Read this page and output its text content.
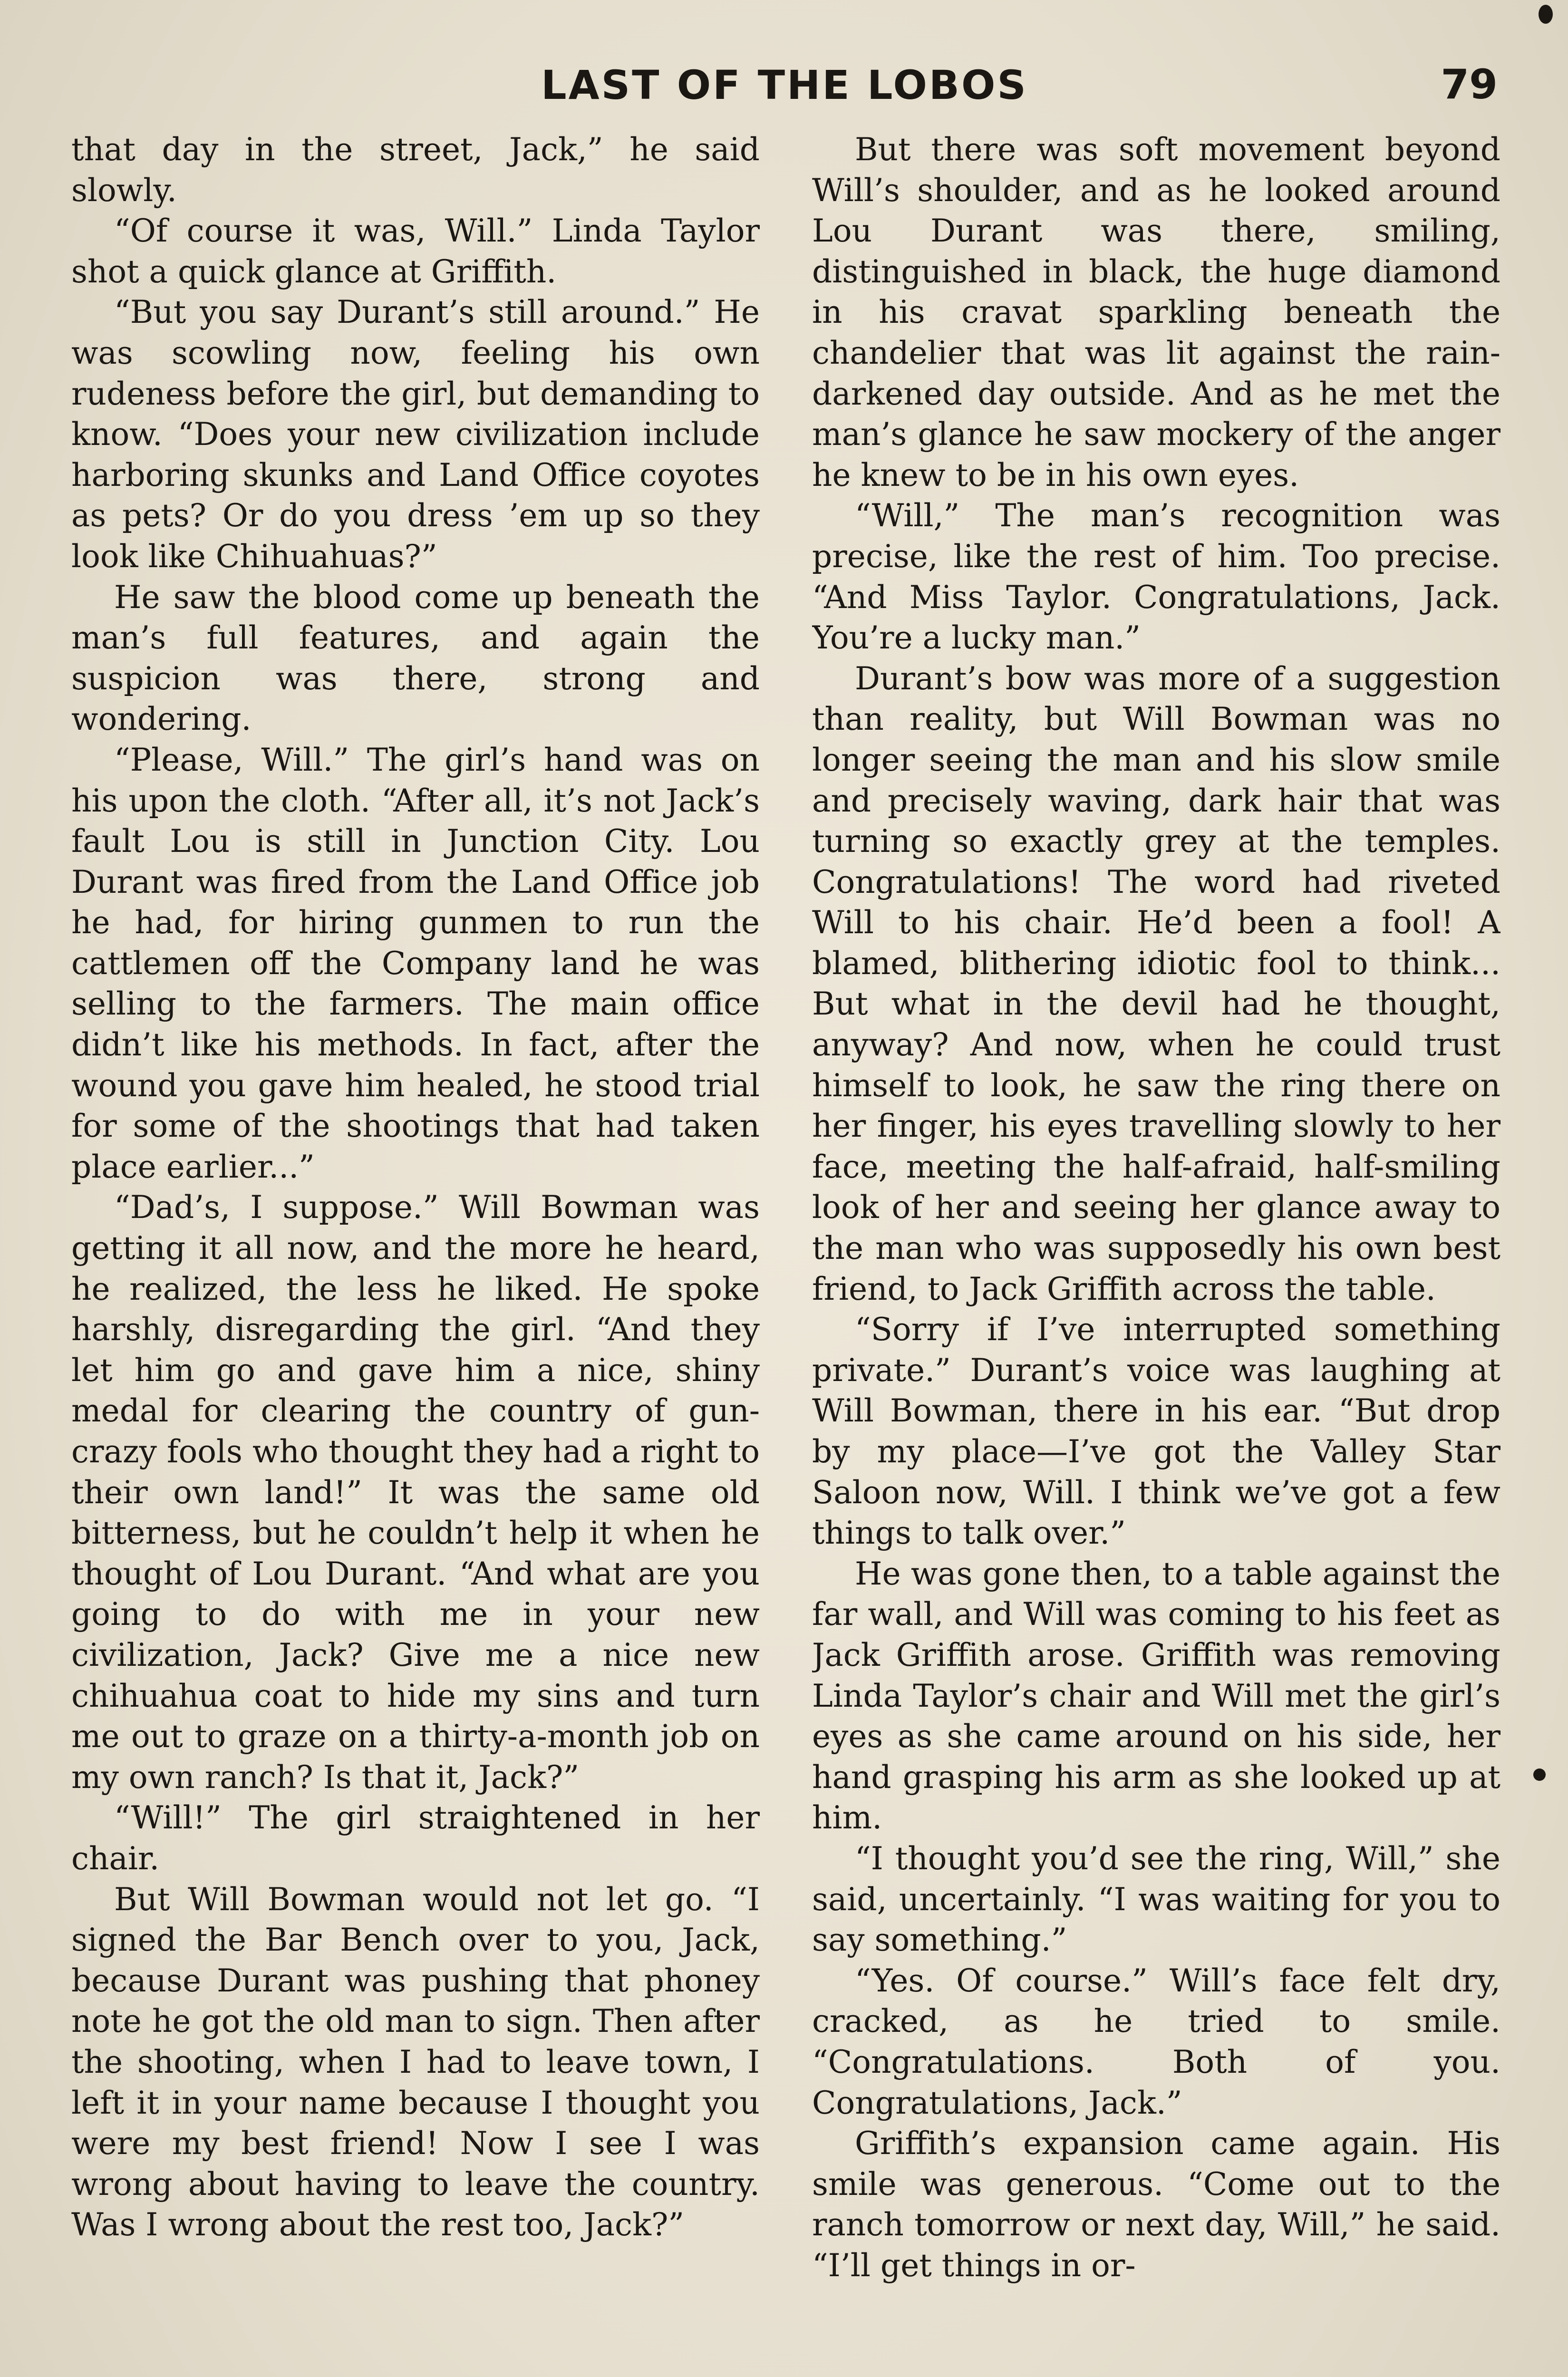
LAST OF THE LOBOS	79

that day in the street, Jack,” he said slowly.

“Of course it was, Will.” Linda Taylor shot a quick glance at Griffith.

“But you say Durant’s still around.” He was scowling now, feeling his own rudeness before the girl, but demanding to know. “Does your new civilization include harboring skunks and Land Office coyotes as pets? Or do you dress ’em up so they look like Chihuahuas?”

He saw the blood come up beneath the man’s full features, and again the suspicion was there, strong and wondering.

“Please, Will.” The girl’s hand was on his upon the cloth. “After all, it’s not Jack’s fault Lou is still in Junction City. Lou Durant was fired from the Land Office job he had, for hiring gunmen to run the cattlemen off the Company land he was selling to the farmers. The main office didn’t like his methods. In fact, after the wound you gave him healed, he stood trial for some of the shootings that had taken place earlier...”

“Dad’s, I suppose.” Will Bowman was getting it all now, and the more he heard, he realized, the less he liked. He spoke harshly, disregarding the girl. “And they let him go and gave him a nice, shiny medal for clearing the country of gun-crazy fools who thought they had a right to their own land!” It was the same old bitterness, but he couldn’t help it when he thought of Lou Durant. “And what are you going to do with me in your new civilization, Jack? Give me a nice new chihuahua coat to hide my sins and turn me out to graze on a thirty-a-month job on my own ranch? Is that it, Jack?”

“Will!” The girl straightened in her chair.

But Will Bowman would not let go. “I signed the Bar Bench over to you, Jack, because Durant was pushing that phoney note he got the old man to sign. Then after the shooting, when I had to leave town, I left it in your name because I thought you were my best friend! Now I see I was wrong about having to leave the country. Was I wrong about the rest too, Jack?”

But there was soft movement beyond Will’s shoulder, and as he looked around Lou Durant was there, smiling, distinguished in black, the huge diamond in his cravat sparkling beneath the chandelier that was lit against the rain-darkened day outside. And as he met the man’s glance he saw mockery of the anger he knew to be in his own eyes.

“Will,” The man’s recognition was precise, like the rest of him. Too precise. “And Miss Taylor. Congratulations, Jack. You’re a lucky man.”

Durant’s bow was more of a suggestion than reality, but Will Bowman was no longer seeing the man and his slow smile and precisely waving, dark hair that was turning so exactly grey at the temples. Congratulations! The word had riveted Will to his chair. He’d been a fool! A blamed, blithering idiotic fool to think... But what in the devil had he thought, anyway? And now, when he could trust himself to look, he saw the ring there on her finger, his eyes travelling slowly to her face, meeting the half-afraid, half-smiling look of her and seeing her glance away to the man who was supposedly his own best friend, to Jack Griffith across the table.

“Sorry if I’ve interrupted something private.” Durant’s voice was laughing at Will Bowman, there in his ear. “But drop by my place—I’ve got the Valley Star Saloon now, Will. I think we’ve got a few things to talk over.”

He was gone then, to a table against the far wall, and Will was coming to his feet as Jack Griffith arose. Griffith was removing Linda Taylor’s chair and Will met the girl’s eyes as she came around on his side, her hand grasping his arm as she looked up at him.

“I thought you’d see the ring, Will,” she said, uncertainly. “I was waiting for you to say something.”

“Yes. Of course.” Will’s face felt dry, cracked, as he tried to smile. “Congratulations. Both of you. Congratulations, Jack.”

Griffith’s expansion came again. His smile was generous. “Come out to the ranch tomorrow or next day, Will,” he said. “I’ll get things in or-
